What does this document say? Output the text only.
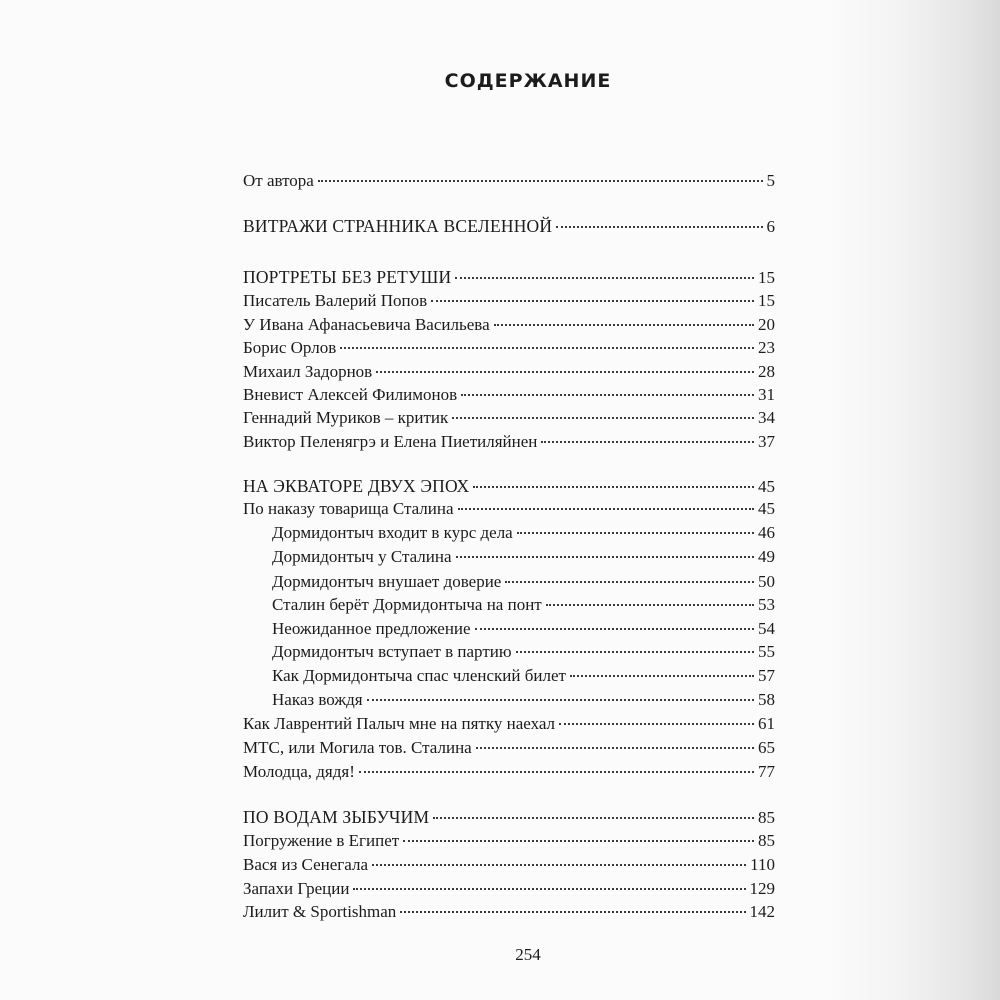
СОДЕРЖАНИЕ
От автора	5
ВИТРАЖИ СТРАННИКА ВСЕЛЕННОЙ	6
ПОРТРЕТЫ БЕЗ РЕТУШИ	15
Писатель Валерий Попов	15
У Ивана Афанасьевича Васильева	20
Борис Орлов	23
Михаил Задорнов	28
Вневист Алексей Филимонов	31
Геннадий Муриков – критик	34
Виктор Пеленягрэ и Елена Пиетиляйнен	37
НА ЭКВАТОРЕ ДВУХ ЭПОХ	45
По наказу товарища Сталина	45
Дормидонтыч входит в курс дела	46
Дормидонтыч у Сталина	49
Дормидонтыч внушает доверие	50
Сталин берёт Дормидонтыча на понт	53
Неожиданное предложение	54
Дормидонтыч вступает в партию	55
Как Дормидонтыча спас членский билет	57
Наказ вождя	58
Как Лаврентий Палыч мне на пятку наехал	61
МТС, или Могила тов. Сталина	65
Молодца, дядя!	77
ПО ВОДАМ ЗЫБУЧИМ	85
Погружение в Египет	85
Вася из Сенегала	110
Запахи Греции	129
Лилит & Sportishman	142
254
